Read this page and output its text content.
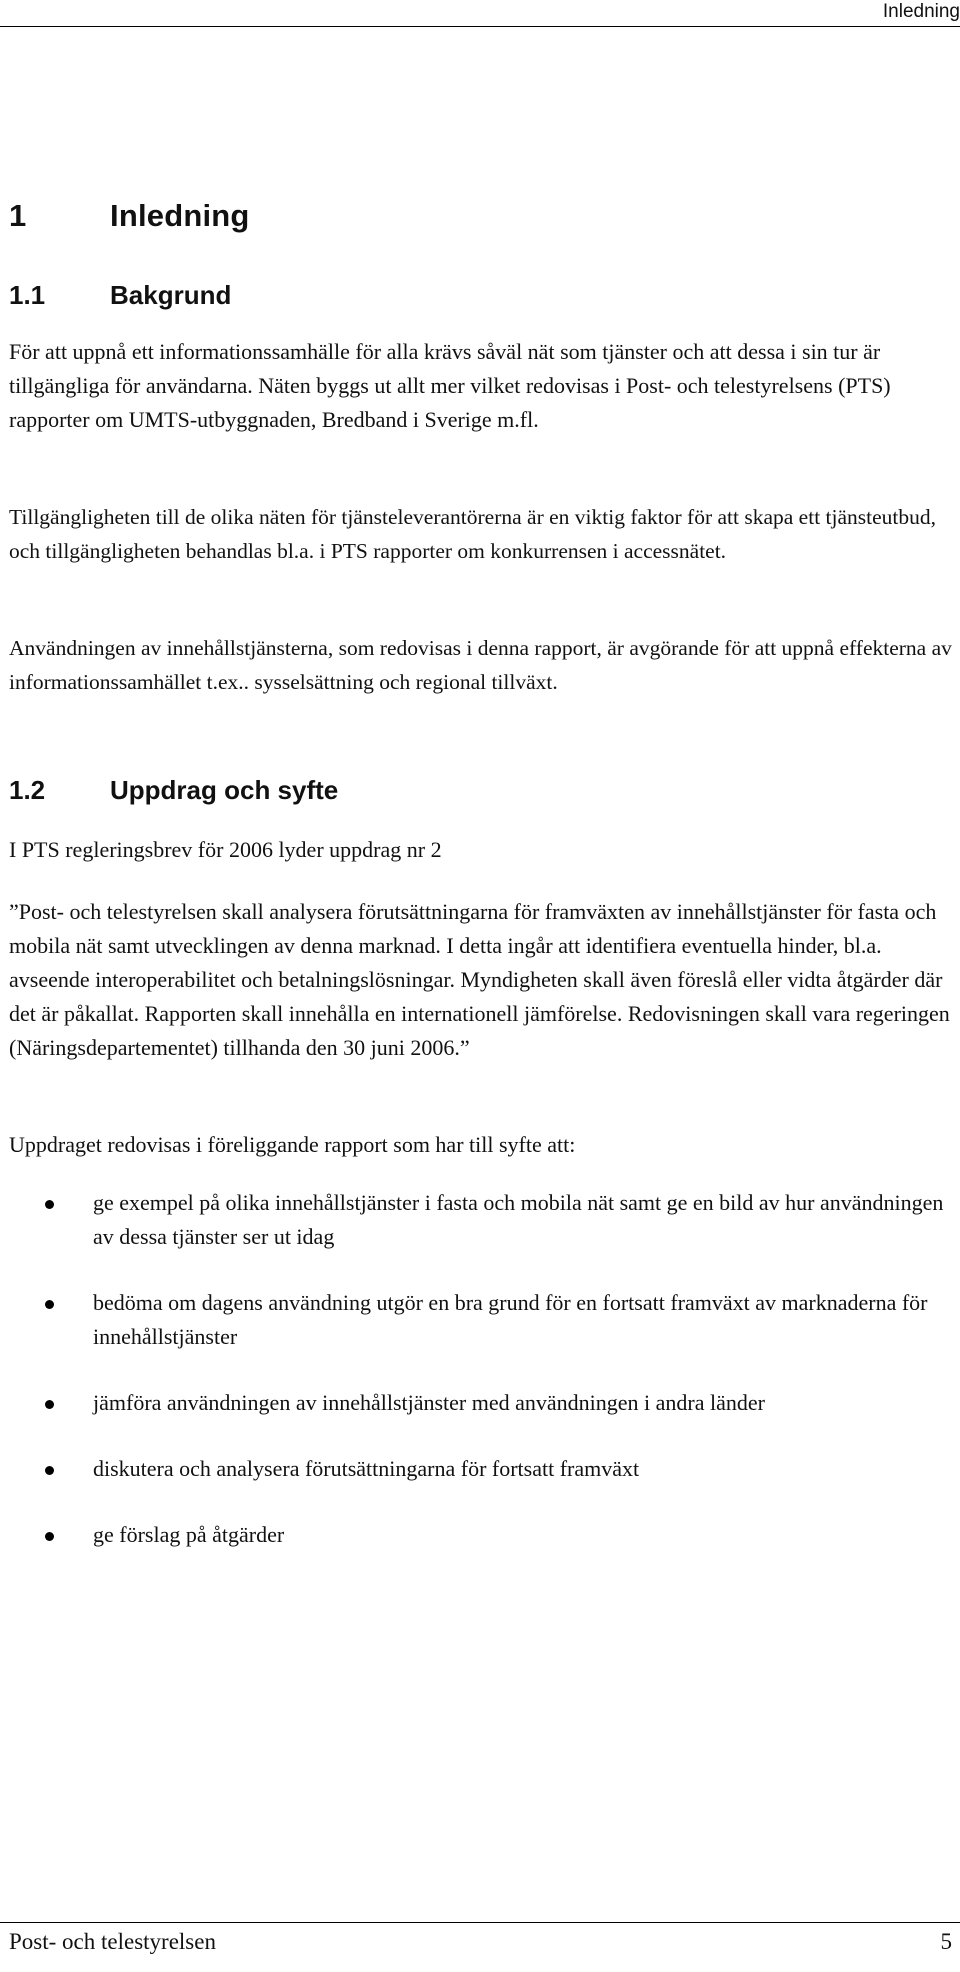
Inledning
1	Inledning
1.1 Bakgrund

För att uppnå ett informationssamhälle för alla krävs såväl nät som tjänster och att dessa i sin tur är tillgängliga för användarna. Näten byggs ut allt mer vilket redovisas i Post- och telestyrelsens (PTS) rapporter om UMTS-utbyggnaden, Bredband i Sverige m.fl.

Tillgängligheten till de olika näten för tjänsteleverantörerna är en viktig faktor för att skapa ett tjänsteutbud, och tillgängligheten behandlas bl.a. i PTS rapporter om konkurrensen i accessnätet.

Användningen av innehållstjänsterna, som redovisas i denna rapport, är avgörande för att uppnå effekterna av informationssamhället t.ex.. sysselsättning och regional tillväxt.

1.2 Uppdrag och syfte

I PTS regleringsbrev för 2006 lyder uppdrag nr 2

”Post- och telestyrelsen skall analysera förutsättningarna för framväxten av innehållstjänster för fasta och mobila nät samt utvecklingen av denna marknad. I detta ingår att identifiera eventuella hinder, bl.a. avseende interoperabilitet och betalningslösningar. Myndigheten skall även föreslå eller vidta åtgärder där det är påkallat. Rapporten skall innehålla en internationell jämförelse. Redovisningen skall vara regeringen (Näringsdepartementet) tillhanda den 30 juni 2006.”

Uppdraget redovisas i föreliggande rapport som har till syfte att:

ge exempel på olika innehållstjänster i fasta och mobila nät samt ge en bild av hur användningen av dessa tjänster ser ut idag
bedöma om dagens användning utgör en bra grund för en fortsatt framväxt av marknaderna för innehållstjänster
jämföra användningen av innehållstjänster med användningen i andra länder
diskutera och analysera förutsättningarna för fortsatt framväxt
ge förslag på åtgärder
Post- och telestyrelsen	5
